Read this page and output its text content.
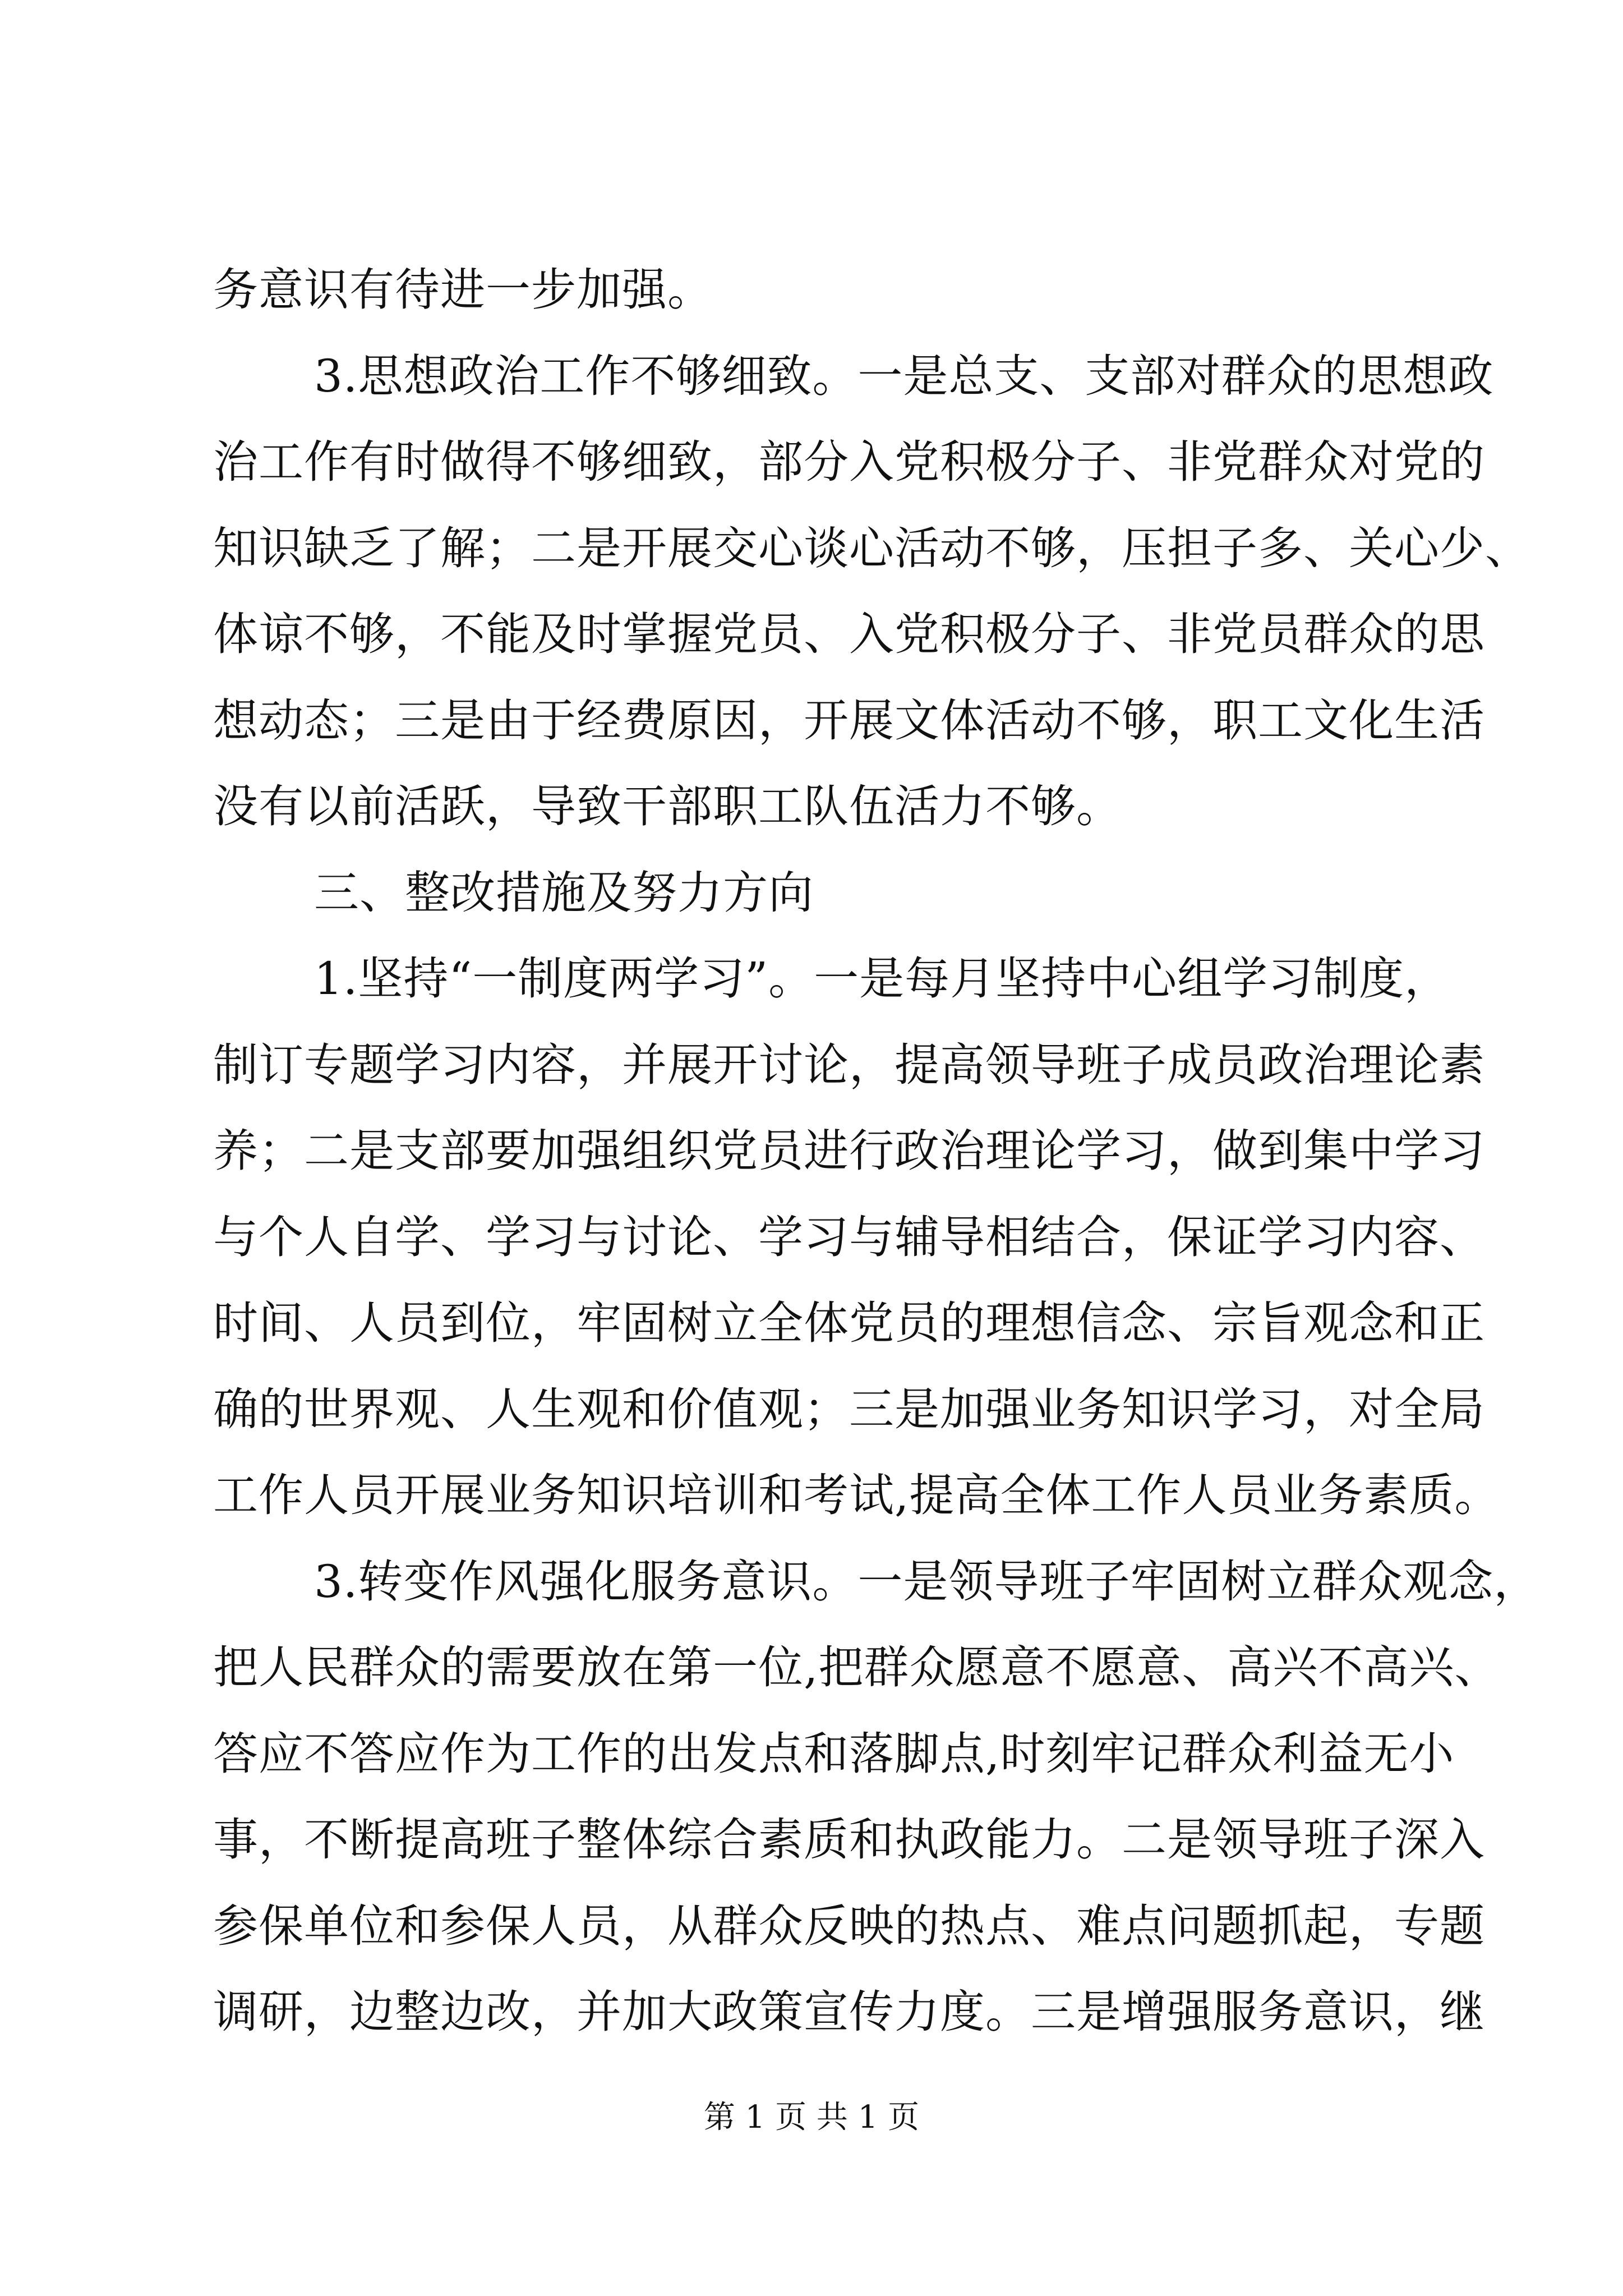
务意识有待进一步加强。
3.思想政治工作不够细致。一是总支、支部对群众的思想政
治工作有时做得不够细致，部分入党积极分子、非党群众对党的
知识缺乏了解；二是开展交心谈心活动不够，压担子多、关心少、
体谅不够，不能及时掌握党员、入党积极分子、非党员群众的思
想动态；三是由于经费原因，开展文体活动不够，职工文化生活
没有以前活跃，导致干部职工队伍活力不够。
三、整改措施及努力方向
1.坚持“一制度两学习”。一是每月坚持中心组学习制度，
制订专题学习内容，并展开讨论，提高领导班子成员政治理论素
养；二是支部要加强组织党员进行政治理论学习，做到集中学习
与个人自学、学习与讨论、学习与辅导相结合，保证学习内容、
时间、人员到位，牢固树立全体党员的理想信念、宗旨观念和正
确的世界观、人生观和价值观；三是加强业务知识学习，对全局
工作人员开展业务知识培训和考试,提高全体工作人员业务素质。
3.转变作风强化服务意识。一是领导班子牢固树立群众观念，
把人民群众的需要放在第一位,把群众愿意不愿意、高兴不高兴、
答应不答应作为工作的出发点和落脚点,时刻牢记群众利益无小
事，不断提高班子整体综合素质和执政能力。二是领导班子深入
参保单位和参保人员，从群众反映的热点、难点问题抓起，专题
调研，边整边改，并加大政策宣传力度。三是增强服务意识，继
第 1 页 共 1 页
